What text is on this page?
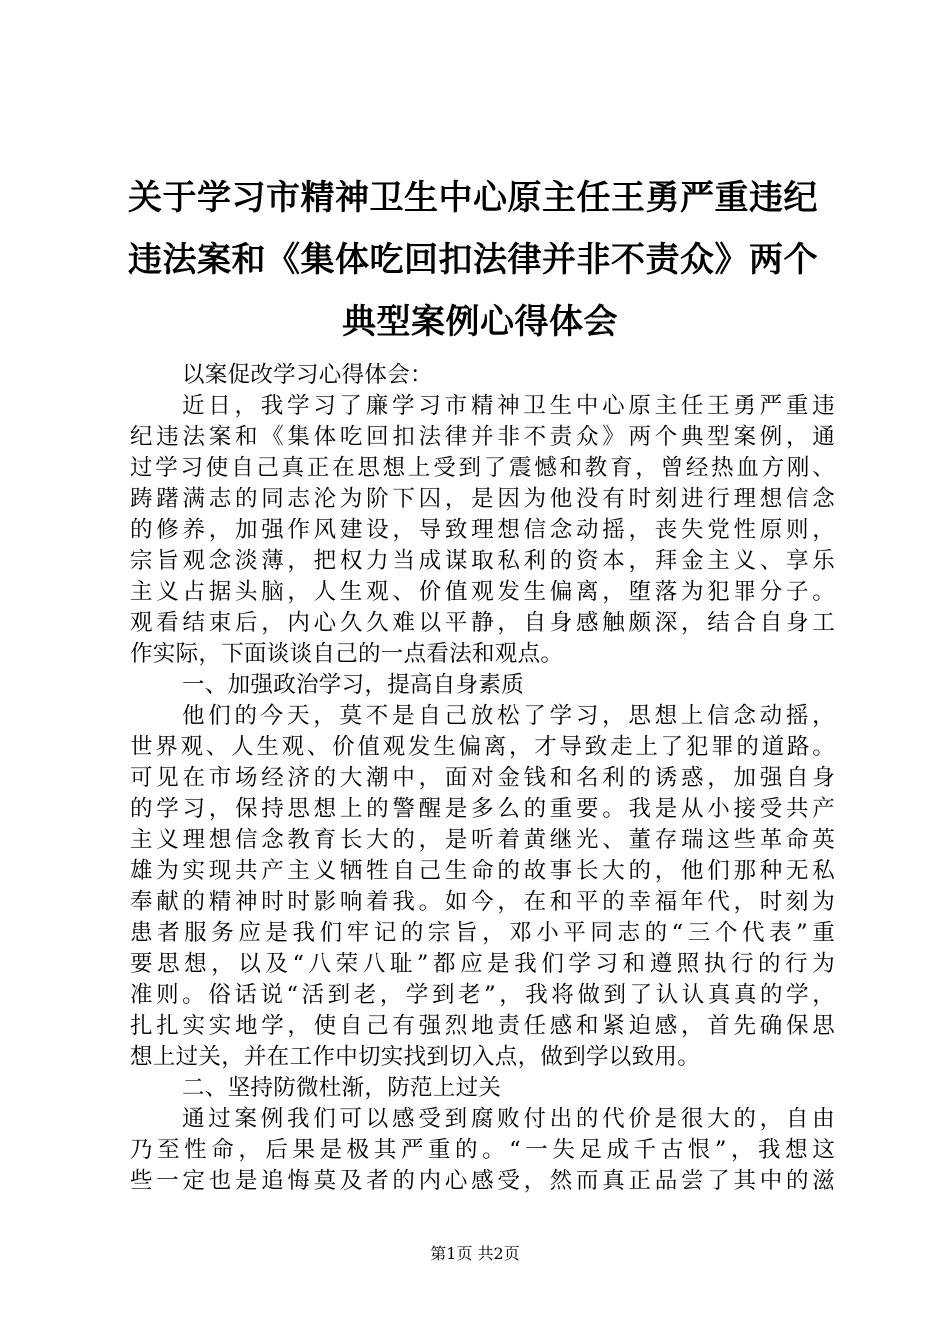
关于学习市精神卫生中心原主任王勇严重违纪
违法案和《集体吃回扣法律并非不责众》两个
典型案例心得体会
以案促改学习心得体会：
近日，我学习了廉学习市精神卫生中心原主任王勇严重违
纪违法案和《集体吃回扣法律并非不责众》两个典型案例，通
过学习使自己真正在思想上受到了震憾和教育，曾经热血方刚、
踌躇满志的同志沦为阶下囚，是因为他没有时刻进行理想信念
的修养，加强作风建设，导致理想信念动摇，丧失党性原则，
宗旨观念淡薄，把权力当成谋取私利的资本，拜金主义、享乐
主义占据头脑，人生观、价值观发生偏离，堕落为犯罪分子。
观看结束后，内心久久难以平静，自身感触颇深，结合自身工
作实际，下面谈谈自己的一点看法和观点。
一、加强政治学习，提高自身素质
他们的今天，莫不是自己放松了学习，思想上信念动摇，
世界观、人生观、价值观发生偏离，才导致走上了犯罪的道路。
可见在市场经济的大潮中，面对金钱和名利的诱惑，加强自身
的学习，保持思想上的警醒是多么的重要。我是从小接受共产
主义理想信念教育长大的，是听着黄继光、董存瑞这些革命英
雄为实现共产主义牺牲自己生命的故事长大的，他们那种无私
奉献的精神时时影响着我。如今，在和平的幸福年代，时刻为
患者服务应是我们牢记的宗旨，邓小平同志的“三个代表”重
要思想，以及“八荣八耻”都应是我们学习和遵照执行的行为
准则。俗话说“活到老，学到老”，我将做到了认认真真的学，
扎扎实实地学，使自己有强烈地责任感和紧迫感，首先确保思
想上过关，并在工作中切实找到切入点，做到学以致用。
二、坚持防微杜渐，防范上过关
通过案例我们可以感受到腐败付出的代价是很大的，自由
乃至性命，后果是极其严重的。“一失足成千古恨”，我想这
些一定也是追悔莫及者的内心感受，然而真正品尝了其中的滋
第1页 共2页
